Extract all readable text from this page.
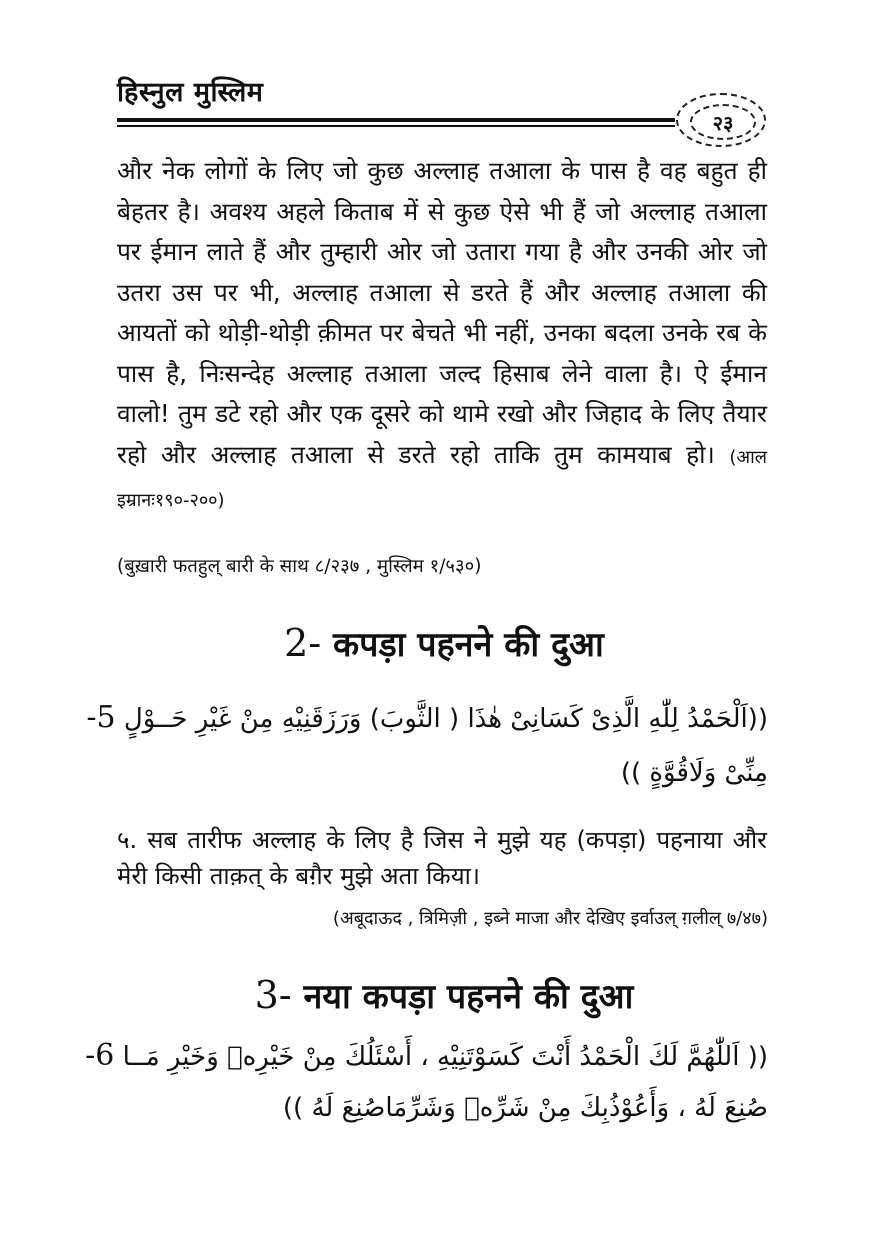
हिस्नुल मुस्लिम
२३
और नेक लोगों के लिए जो कुछ अल्लाह तआला के पास है वह बहुत ही बेहतर है। अवश्य अहले किताब में से कुछ ऐसे भी हैं जो अल्लाह तआला पर ईमान लाते हैं और तुम्हारी ओर जो उतारा गया है और उनकी ओर जो उतरा उस पर भी, अल्लाह तआला से डरते हैं और अल्लाह तआला की आयतों को थोड़ी-थोड़ी क़ीमत पर बेचते भी नहीं, उनका बदला उनके रब के पास है, निःसन्देह अल्लाह तआला जल्द हिसाब लेने वाला है। ऐ ईमान वालो! तुम डटे रहो और एक दूसरे को थामे रखो और जिहाद के लिए तैयार रहो और अल्लाह तआला से डरते रहो ताकि तुम कामयाब हो। (आल इम्रानः१९०-२००)
(बुख़ारी फतहुल् बारी के साथ ८/२३७ , मुस्लिम १/५३०)
2- कपड़ा पहनने की दुआ
((اَلْحَمْدُ لِلّٰهِ الَّذِىْ كَسَانِىْ هٰذَا ( الثَّوبَ) وَرَزَقَنِيْهِ مِنْ غَيْرِ حَــوْلٍ 5-
مِنِّىْ وَلَاقُوَّةٍ ))
५. सब तारीफ अल्लाह के लिए है जिस ने मुझे यह (कपड़ा) पहनाया और मेरी किसी ताक़त् के बग़ैर मुझे अता किया।
(अबूदाऊद , त्रिमिज़ी , इब्ने माजा और देखिए इर्वाउल् ग़लील् ७/४७)
3- नया कपड़ा पहनने की दुआ
(( اَللّٰهُمَّ لَكَ الْحَمْدُ أَنْتَ كَسَوْتَنِيْهِ ، أَسْئَلُكَ مِنْ خَيْرِهٖ وَخَيْرِ مَــا 6-
صُنِعَ لَهُ ، وَأَعُوْذُبِكَ مِنْ شَرِّهٖ وَشَرِّمَاصُنِعَ لَهُ ))
